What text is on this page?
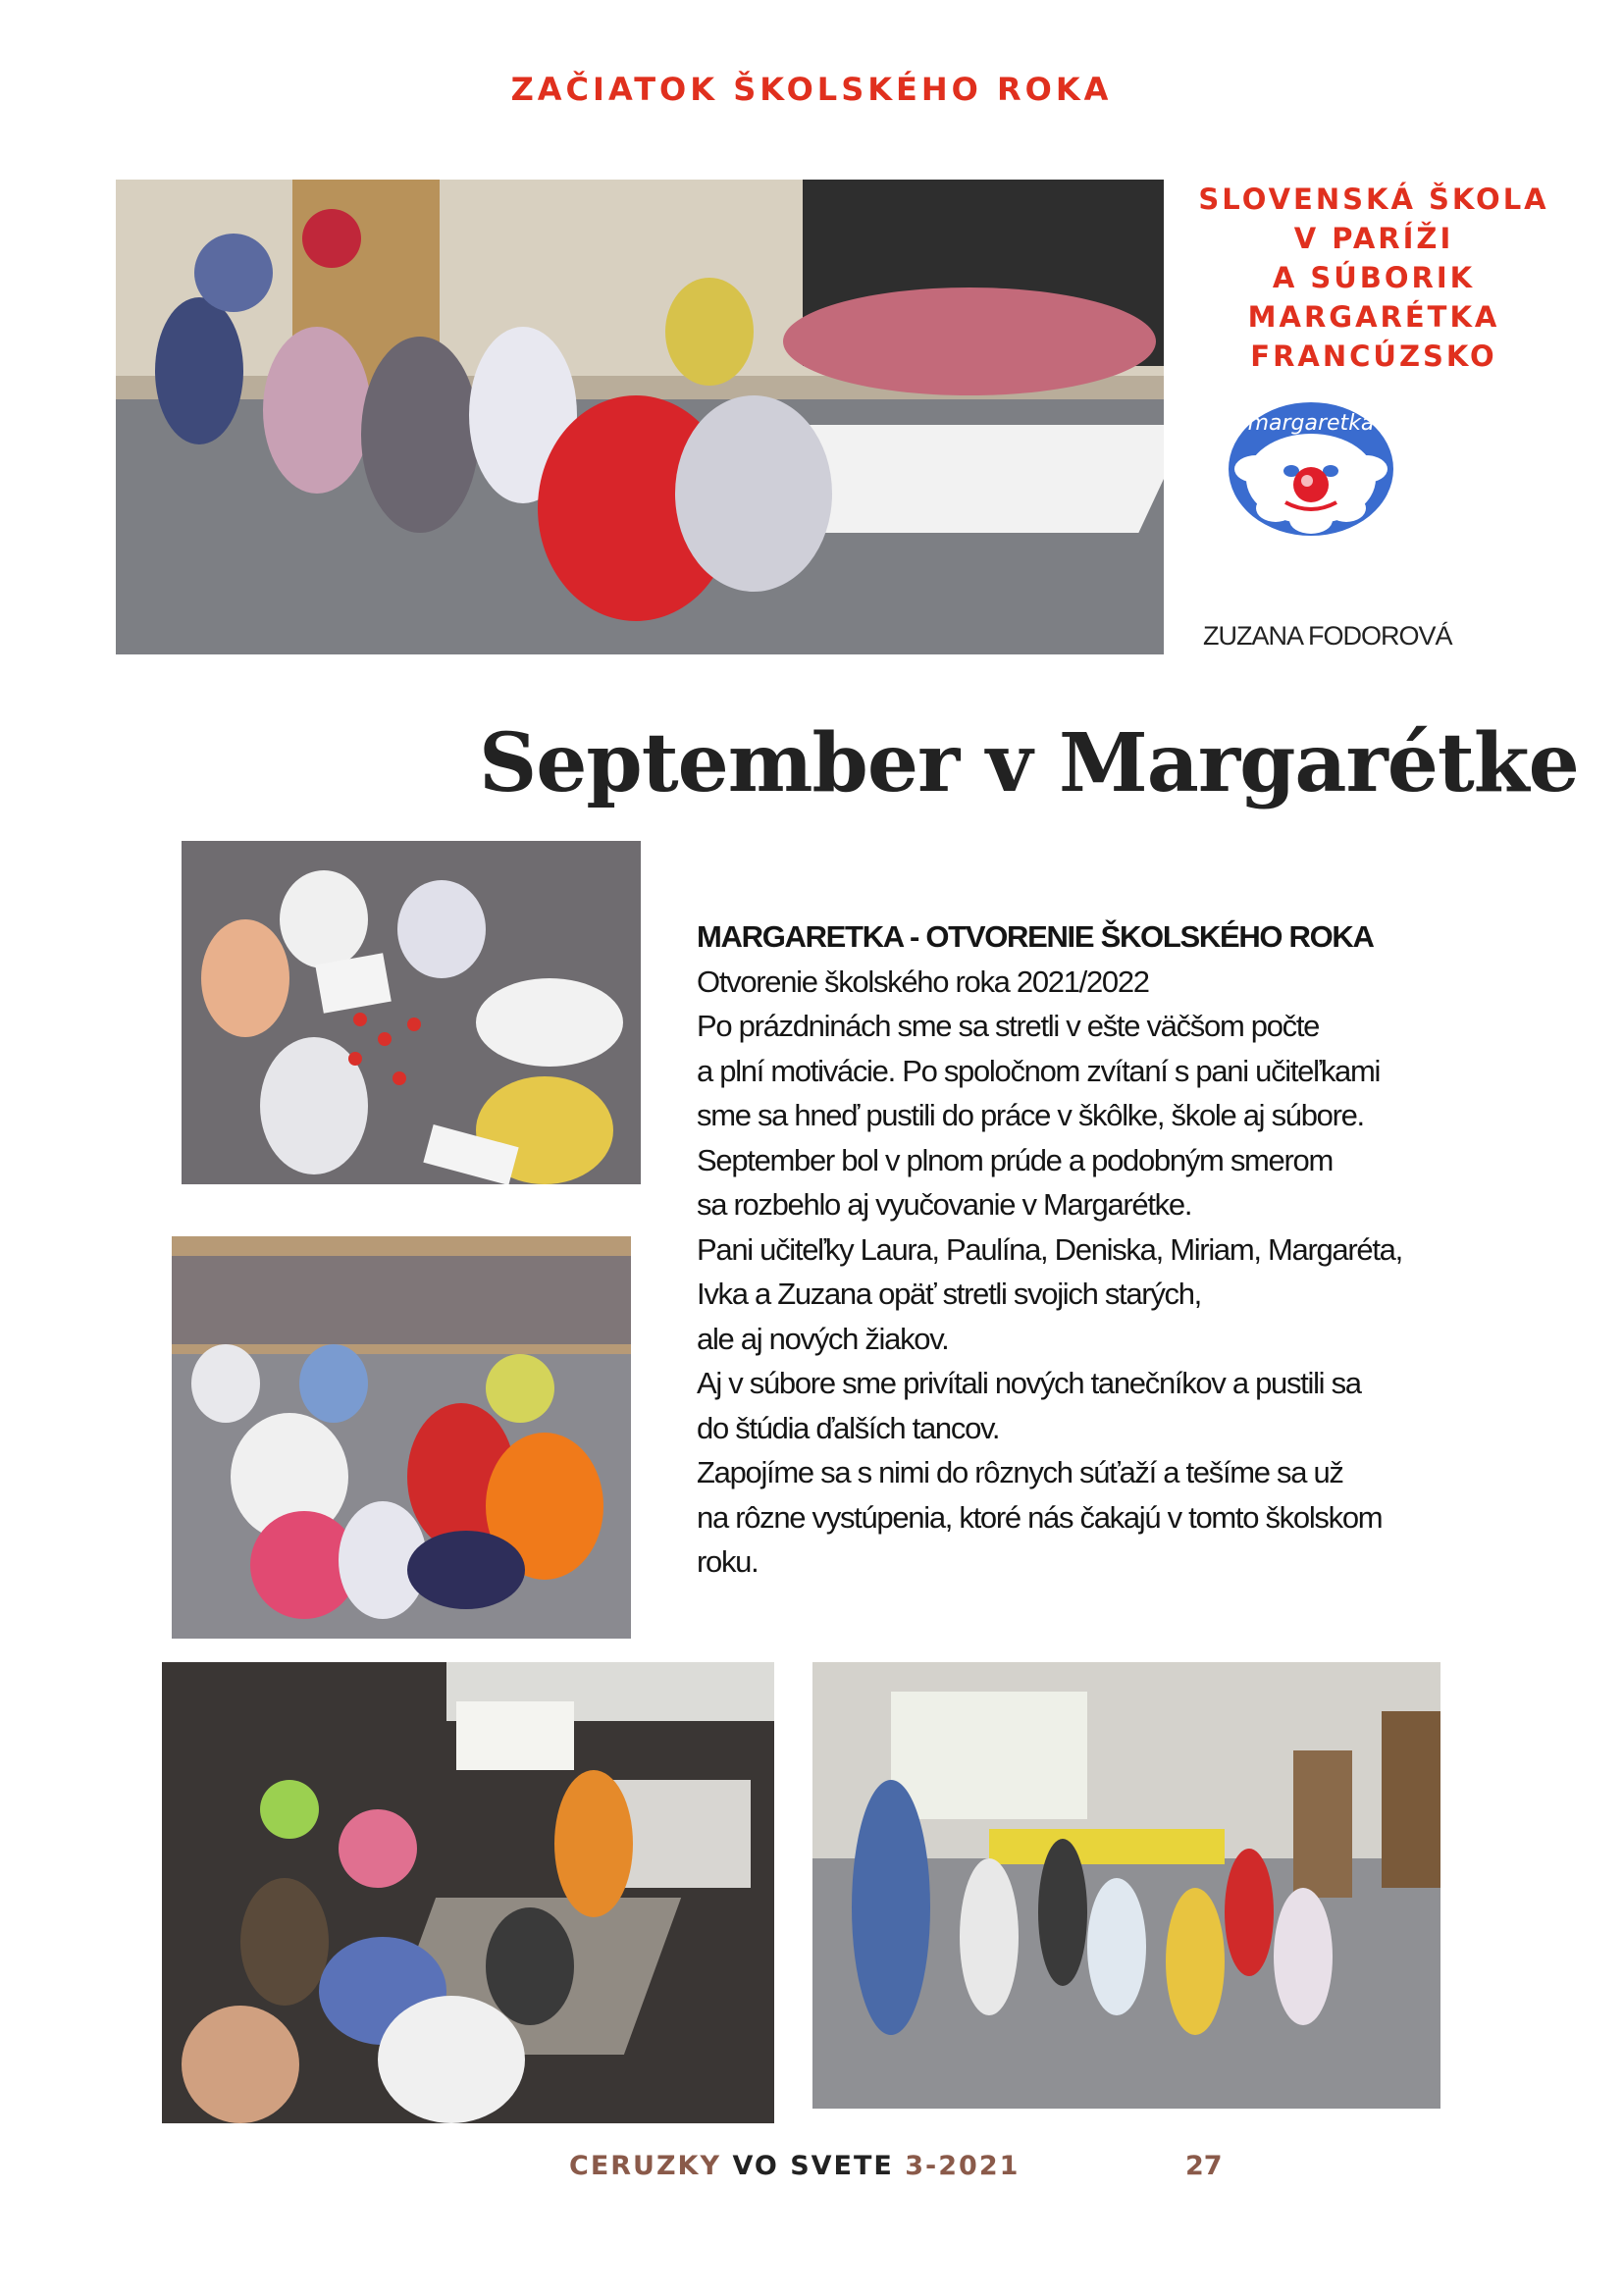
ZAČIATOK ŠKOLSKÉHO ROKA
SLOVENSKÁ ŠKOLA
V PARÍŽI
A SÚBORIK
MARGARÉTKA
FRANCÚZSKO
margaretka
ZUZANA FODOROVÁ
September v Margarétke
MARGARETKA - OTVORENIE ŠKOLSKÉHO ROKA
Otvorenie školského roka 2021/2022
Po prázdninách sme sa stretli v ešte väčšom počte
a plní motivácie. Po spoločnom zvítaní s pani učiteľkami
sme sa hneď pustili do práce v škôlke, škole aj súbore.
September bol v plnom prúde a podobným smerom
sa rozbehlo aj vyučovanie v Margarétke.
Pani učiteľky Laura, Paulína, Deniska, Miriam, Margaréta,
Ivka a Zuzana opäť stretli svojich starých,
ale aj nových žiakov.
Aj v súbore sme privítali nových tanečníkov a pustili sa
do štúdia ďalších tancov.
Zapojíme sa s nimi do rôznych súťaží a tešíme sa už
na rôzne vystúpenia, ktoré nás čakajú v tomto školskom
roku.
CERUZKY VO SVETE 3-2021	27
